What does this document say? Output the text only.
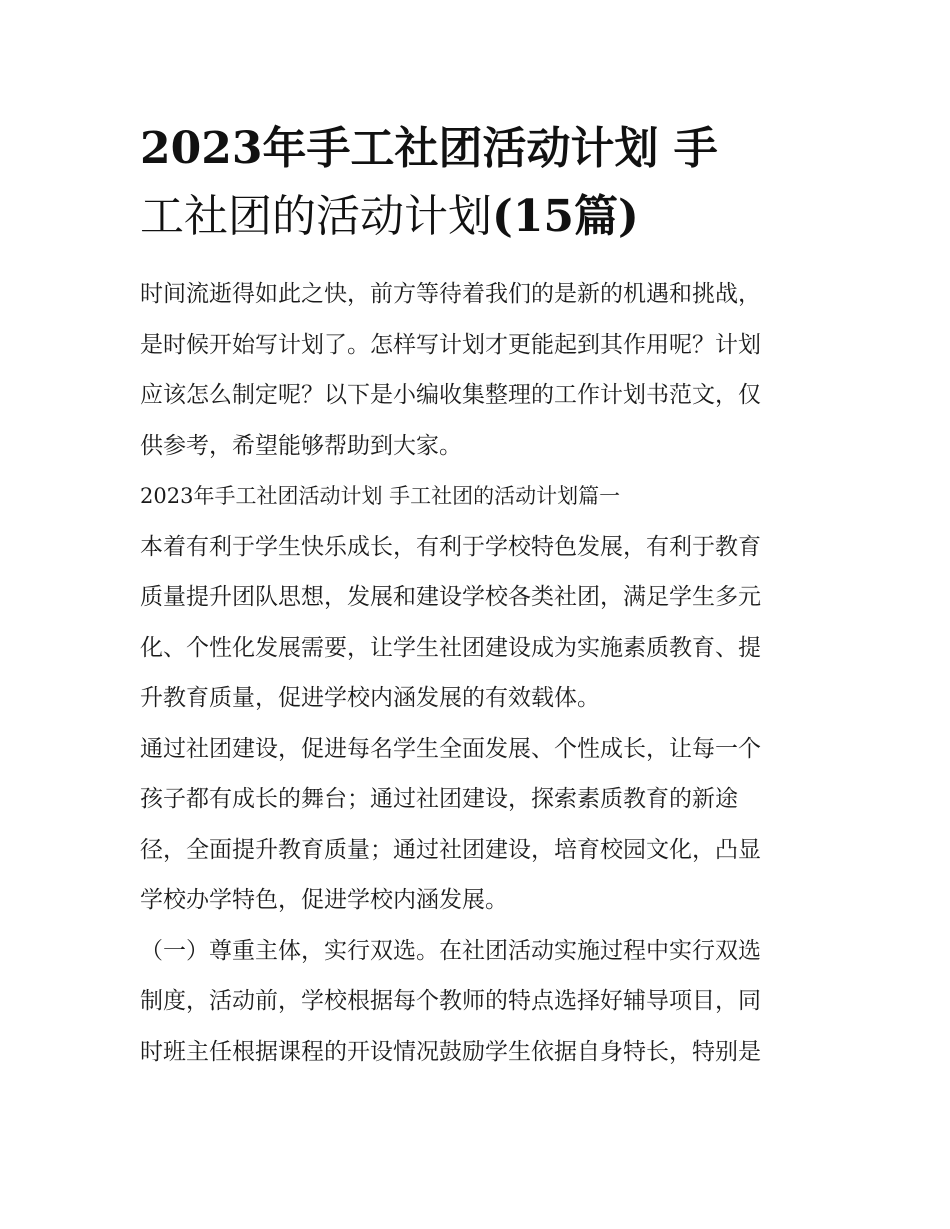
2023年手工社团活动计划 手
工社团的活动计划(15篇)
时间流逝得如此之快，前方等待着我们的是新的机遇和挑战，
是时候开始写计划了。怎样写计划才更能起到其作用呢？计划
应该怎么制定呢？以下是小编收集整理的工作计划书范文，仅
供参考，希望能够帮助到大家。
2023年手工社团活动计划 手工社团的活动计划篇一
本着有利于学生快乐成长，有利于学校特色发展，有利于教育
质量提升团队思想，发展和建设学校各类社团，满足学生多元
化、个性化发展需要，让学生社团建设成为实施素质教育、提
升教育质量，促进学校内涵发展的有效载体。
通过社团建设，促进每名学生全面发展、个性成长，让每一个
孩子都有成长的舞台；通过社团建设，探索素质教育的新途
径，全面提升教育质量；通过社团建设，培育校园文化，凸显
学校办学特色，促进学校内涵发展。
（一）尊重主体，实行双选。在社团活动实施过程中实行双选
制度，活动前，学校根据每个教师的特点选择好辅导项目，同
时班主任根据课程的开设情况鼓励学生依据自身特长，特别是
